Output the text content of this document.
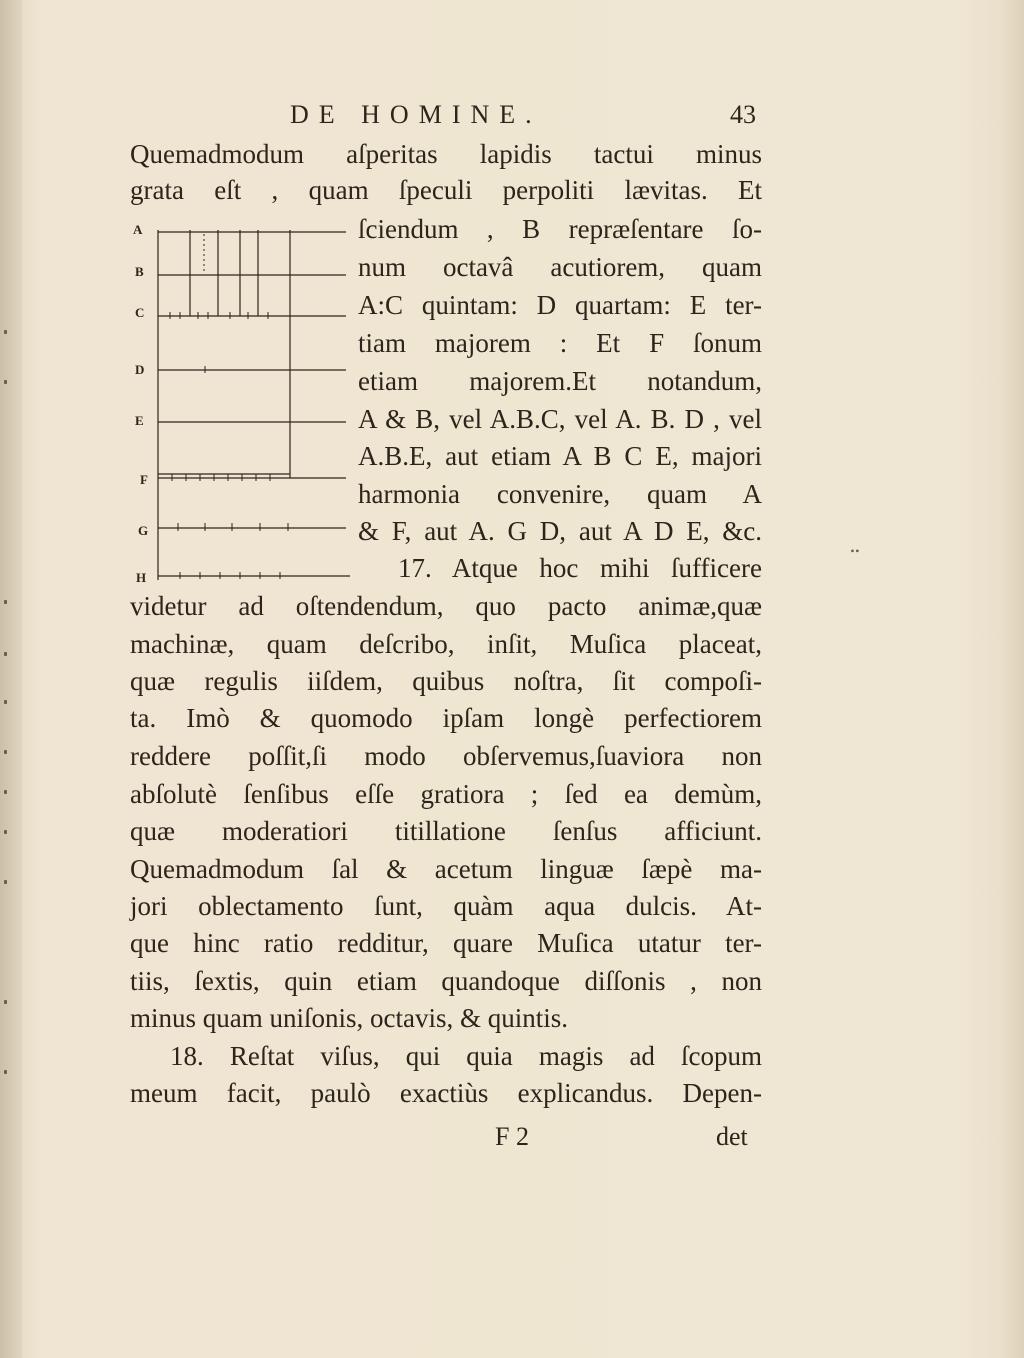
∙∙
DE HOMINE.	43
Quemadmodum aſperitas lapidis tactui minus
grata eſt , quam ſpeculi perpoliti lævitas. Et
ſciendum , B repræſentare ſo-
num octavâ acutiorem, quam
A:C quintam: D quartam: E ter-
tiam majorem : Et F ſonum
etiam majorem.Et notandum,
A & B, vel A.B.C, vel A. B. D , vel
A.B.E, aut etiam A B C E, majori
harmonia convenire, quam A
& F, aut A. G D, aut A D E, &c.
17. Atque hoc mihi ſufficere
videtur ad oſtendendum, quo pacto animæ,quæ
machinæ, quam deſcribo, inſit, Muſica placeat,
quæ regulis iiſdem, quibus noſtra, ſit compoſi-
ta. Imò & quomodo ipſam longè perfectiorem
reddere poſſit,ſi modo obſervemus,ſuaviora non
abſolutè ſenſibus eſſe gratiora ; ſed ea demùm,
quæ moderatiori titillatione ſenſus afficiunt.
Quemadmodum ſal & acetum linguæ ſæpè ma-
jori oblectamento ſunt, quàm aqua dulcis. At-
que hinc ratio redditur, quare Muſica utatur ter-
tiis, ſextis, quin etiam quandoque diſſonis , non
minus quam uniſonis, octavis, & quintis.
18. Reſtat viſus, qui quia magis ad ſcopum
meum facit, paulò exactiùs explicandus. Depen-
F 2	det
A
B
C
D
E
F
G
H
